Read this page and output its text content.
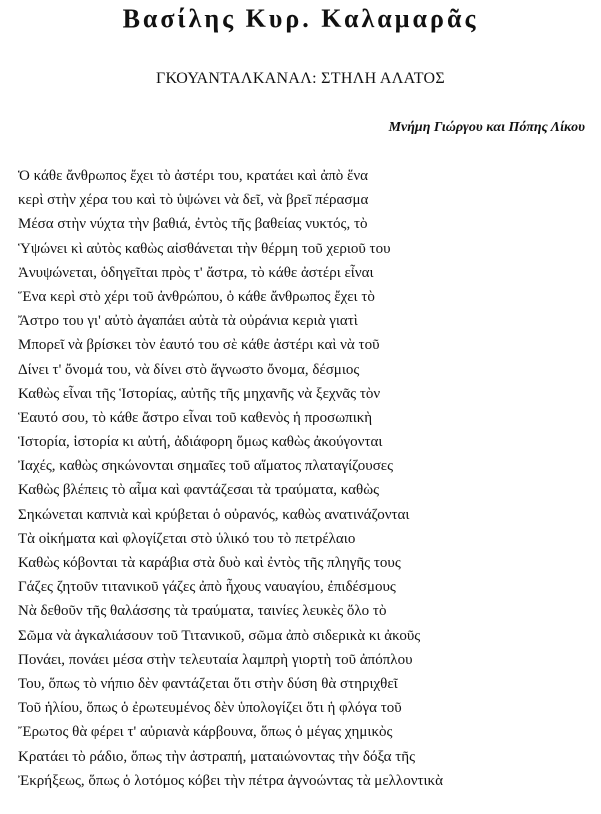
Βασίλης Κυρ. Καλαμαρᾶς
ΓΚΟΥΑΝΤΑΛΚΑΝΑΛ: ΣΤΗΛΗ ΑΛΑΤΟΣ

Μνήμη Γιώργου και Πόπης Λίκου

Ὁ κάθε ἄνθρωπος ἔχει τὸ ἀστέρι του, κρατάει καὶ ἀπὸ ἕνα
κερὶ στὴν χέρα του καὶ τὸ ὑψώνει νὰ δεῖ, νὰ βρεῖ πέρασμα
Μέσα στὴν νύχτα τὴν βαθιά, ἐντὸς τῆς βαθείας νυκτός, τὸ
Ὑψώνει κὶ αὐτὸς καθὼς αἰσθάνεται τὴν θέρμη τοῦ χεριοῦ του
Ἀνυψώνεται, ὁδηγεῖται πρὸς τ' ἄστρα, τὸ κάθε ἀστέρι εἶναι
Ἕνα κερὶ στὸ χέρι τοῦ ἀνθρώπου, ὁ κάθε ἄνθρωπος ἔχει τὸ
Ἄστρο του γι' αὐτὸ ἀγαπάει αὐτὰ τὰ οὐράνια κεριὰ γιατὶ
Μπορεῖ νὰ βρίσκει τὸν ἑαυτό του σὲ κάθε ἀστέρι καὶ νὰ τοῦ
Δίνει τ' ὄνομά του, νὰ δίνει στὸ ἄγνωστο ὄνομα, δέσμιος
Καθὼς εἶναι τῆς Ἱστορίας, αὐτῆς τῆς μηχανῆς νὰ ξεχνᾶς τὸν
Ἑαυτό σου, τὸ κάθε ἄστρο εἶναι τοῦ καθενὸς ἡ προσωπικὴ
Ἱστορία, ἱστορία κι αὐτή, ἀδιάφορη ὅμως καθὼς ἀκούγονται
Ἰαχές, καθὼς σηκώνονται σημαῖες τοῦ αἵματος πλαταγίζουσες
Καθὼς βλέπεις τὸ αἷμα καὶ φαντάζεσαι τὰ τραύματα, καθὼς
Σηκώνεται καπνιὰ καὶ κρύβεται ὁ οὐρανός, καθὼς ανατινάζονται
Τὰ οἰκήματα καὶ φλογίζεται στὸ ὑλικό του τὸ πετρέλαιο
Καθὼς κόβονται τὰ καράβια στὰ δυὸ καὶ ἐντὸς τῆς πληγῆς τους
Γάζες ζητοῦν τιτανικοῦ γάζες ἀπὸ ἦχους ναυαγίου, ἐπιδέσμους
Νὰ δεθοῦν τῆς θαλάσσης τὰ τραύματα, ταινίες λευκὲς ὅλο τὸ
Σῶμα νὰ ἀγκαλιάσουν τοῦ Τιτανικοῦ, σῶμα ἀπὸ σιδερικὰ κι ἀκοῦς
Πονάει, πονάει μέσα στὴν τελευταία λαμπρὴ γιορτὴ τοῦ ἀπόπλου
Του, ὅπως τὸ νήπιο δὲν φαντάζεται ὅτι στὴν δύση θὰ στηριχθεῖ
Τοῦ ἡλίου, ὅπως ὁ ἐρωτευμένος δὲν ὑπολογίζει ὅτι ἡ φλόγα τοῦ
Ἔρωτος θὰ φέρει τ' αὐριανὰ κάρβουνα, ὅπως ὁ μέγας χημικὸς
Κρατάει τὸ ράδιο, ὅπως τὴν ἀστραπή, ματαιώνοντας τὴν δόξα τῆς
Ἐκρήξεως, ὅπως ὁ λοτόμος κόβει τὴν πέτρα ἀγνοώντας τὰ μελλοντικὰ
